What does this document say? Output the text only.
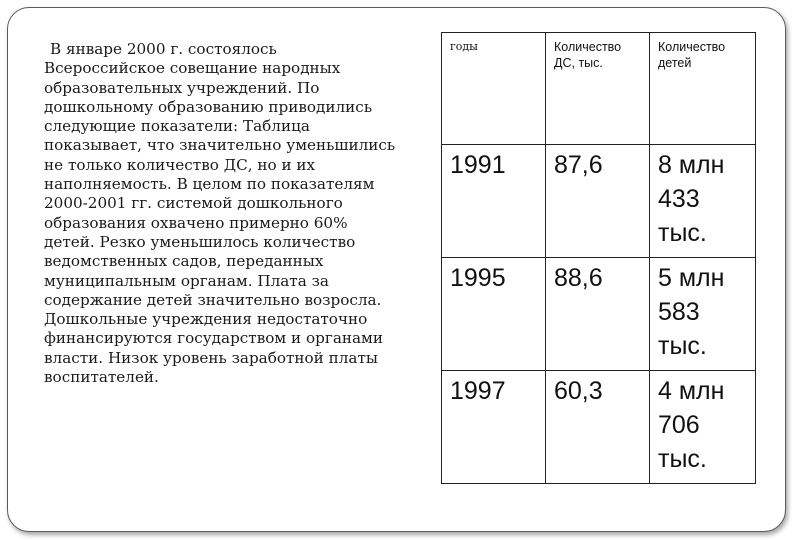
В январе 2000 г. состоялось Всероссийское совещание народных образовательных учреждений. По дошкольному образованию приводились следующие показатели: Таблица показывает, что значительно уменьшились не только количество ДС, но и их наполняемость. В целом по показателям 2000-2001 гг. системой дошкольного образования охвачено примерно 60% детей. Резко уменьшилось количество ведомственных садов, переданных муниципальным органам. Плата за содержание детей значительно возросла. Дошкольные учреждения недостаточно финансируются государством и органами власти. Низок уровень заработной платы воспитателей.

годы	Количество ДС, тыс.	Количество детей
1991	87,6	8 млн 433 тыс.
1995	88,6	5 млн 583 тыс.
1997	60,3	4 млн 706 тыс.
